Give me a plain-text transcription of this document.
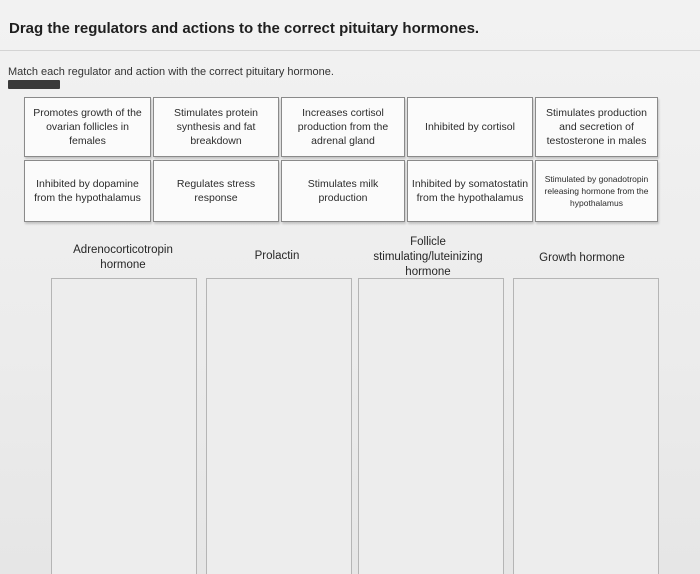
Drag the regulators and actions to the correct pituitary hormones.
Match each regulator and action with the correct pituitary hormone.
Promotes growth of the ovarian follicles in females
Stimulates protein synthesis and fat breakdown
Increases cortisol production from the adrenal gland
Inhibited by cortisol
Stimulates production and secretion of testosterone in males
Inhibited by dopamine from the hypothalamus
Regulates stress response
Stimulates milk production
Inhibited by somatostatin from the hypothalamus
Stimulated by gonadotropin releasing hormone from the hypothalamus
Adrenocorticotropin hormone
Prolactin
Follicle stimulating/luteinizing hormone
Growth hormone
